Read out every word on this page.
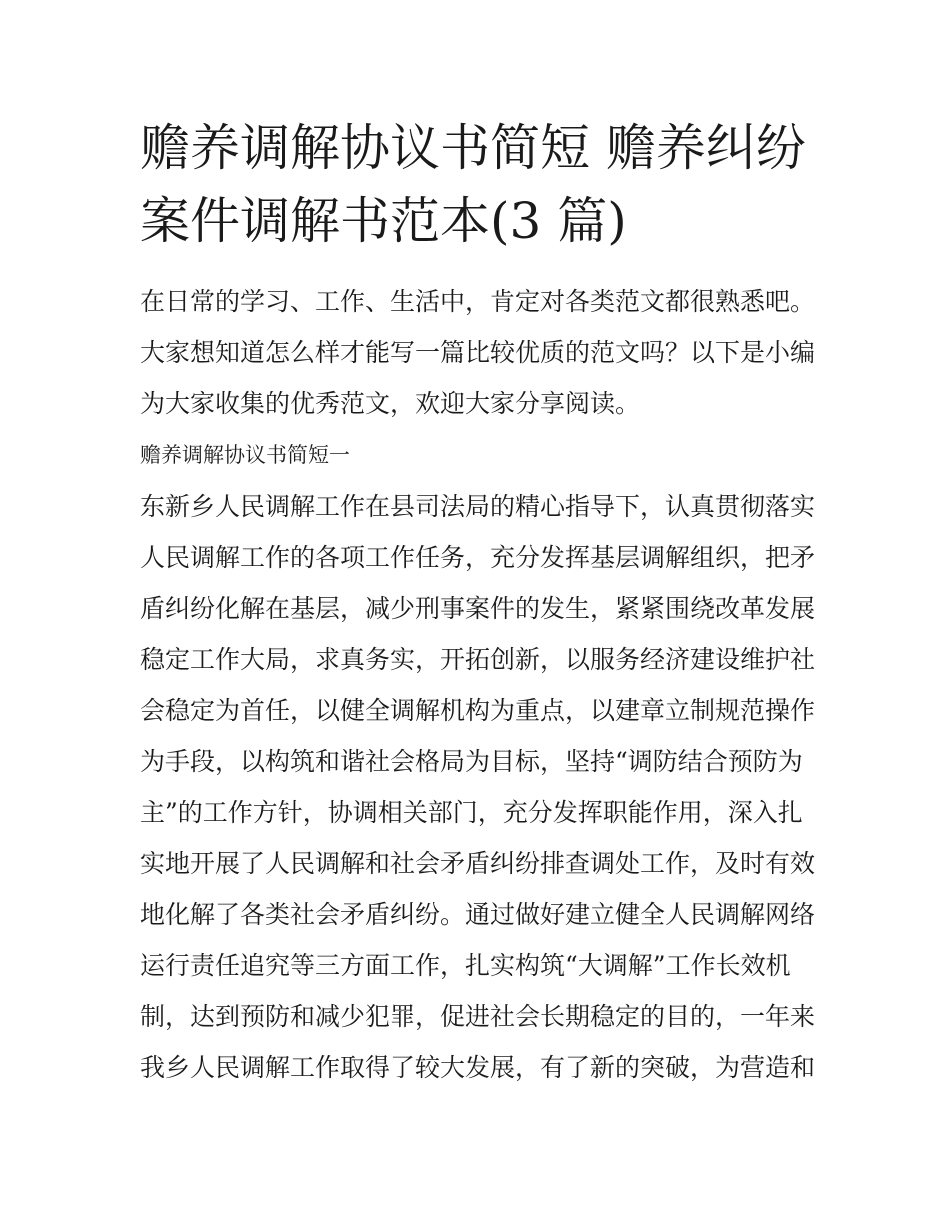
赡养调解协议书简短 赡养纠纷
案件调解书范本(3 篇)
在日常的学习、工作、生活中，肯定对各类范文都很熟悉吧。
大家想知道怎么样才能写一篇比较优质的范文吗？以下是小编
为大家收集的优秀范文，欢迎大家分享阅读。
赡养调解协议书简短一
东新乡人民调解工作在县司法局的精心指导下，认真贯彻落实
人民调解工作的各项工作任务，充分发挥基层调解组织，把矛
盾纠纷化解在基层，减少刑事案件的发生，紧紧围绕改革发展
稳定工作大局，求真务实，开拓创新，以服务经济建设维护社
会稳定为首任，以健全调解机构为重点，以建章立制规范操作
为手段，以构筑和谐社会格局为目标，坚持“调防结合预防为
主”的工作方针，协调相关部门，充分发挥职能作用，深入扎
实地开展了人民调解和社会矛盾纠纷排查调处工作，及时有效
地化解了各类社会矛盾纠纷。通过做好建立健全人民调解网络
运行责任追究等三方面工作，扎实构筑“大调解”工作长效机
制，达到预防和减少犯罪，促进社会长期稳定的目的，一年来
我乡人民调解工作取得了较大发展，有了新的突破，为营造和
